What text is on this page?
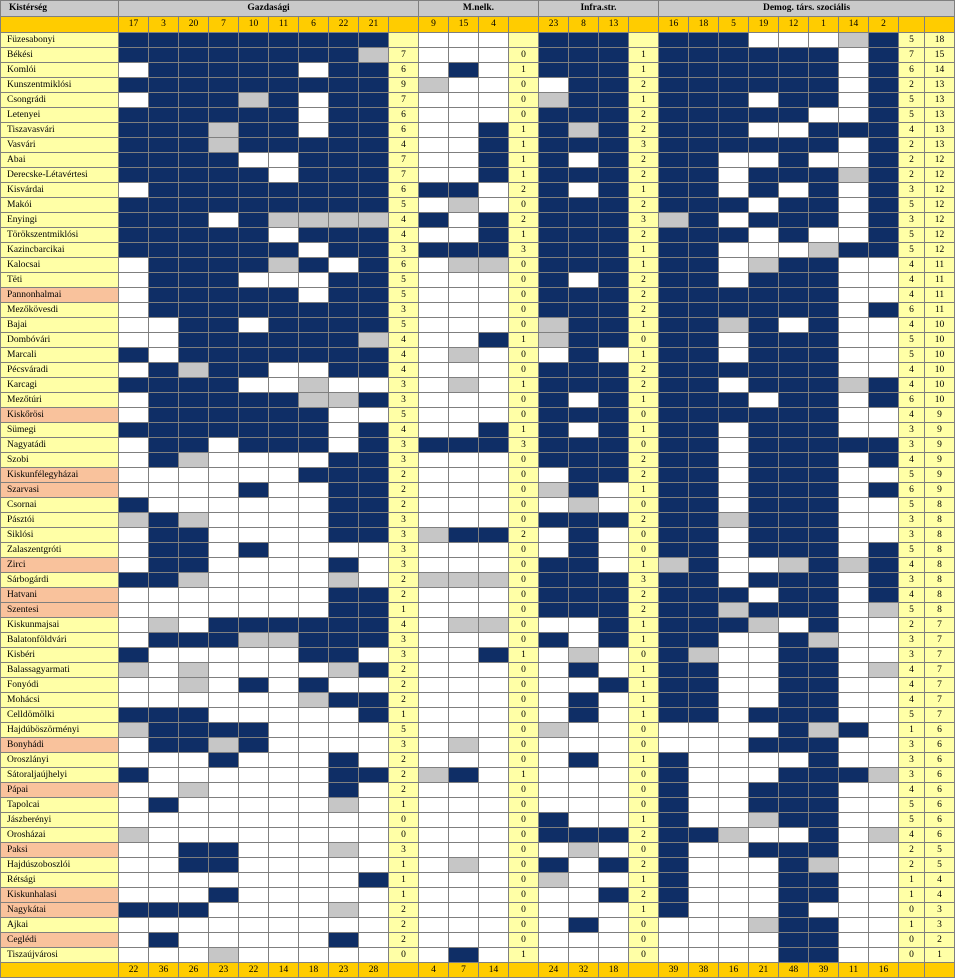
Kistérség	Gazdasági										M.nelk.				Infra.str.				Demog. társ. szociális									
	17	3	20	7	10	11	6	22	21		9	15	4		23	8	13		16	18	5	19	12	1	14	2		
Füzesabonyi																											5	18
Békési										7				0				1									7	15
Komlói										6				1				1									6	14
Kunszentmiklósi										9				0				2									2	13
Csongrádi										7				0				1									5	13
Letenyei										6				0				2									5	13
Tiszavasvári										6				1				2									4	13
Vasvári										4				1				3									2	13
Abai										7				1				2									2	12
Derecske-Létavértesi										7				1				2									2	12
Kisvárdai										6				2				1									3	12
Makói										5				0				2									5	12
Enyingi										4				2				3									3	12
Törökszentmiklósi										4				1				2									5	12
Kazincbarcikai										3				3				1									5	12
Kalocsai										6				0				1									4	11
Tëti										5				0				2									4	11
Pannonhalmai										5				0				2									4	11
Mezőkövesdi										3				0				2									6	11
Bajai										5				0				1									4	10
Dombóvári										4				1				0									5	10
Marcali										4				0				1									5	10
Pécsváradi										4				0				2									4	10
Karcagi										3				1				2									4	10
Mezőtúri										3				0				1									6	10
Kiskőrösi										5				0				0									4	9
Sümegi										4				1				1									3	9
Nagyatádi										3				3				0									3	9
Szobi										3				0				2									4	9
Kiskunfélegyházai										2				0				2									5	9
Szarvasi										2				0				1									6	9
Csornai										2				0				0									5	8
Pásztói										3				0				2									3	8
Siklósi										3				2				0									3	8
Zalaszentgróti										3				0				0									5	8
Zirci										3				0				1									4	8
Sárbogárdi										2				0				3									3	8
Hatvani										2				0				2									4	8
Szentesi										1				0				2									5	8
Kiskunmajsai										4				0				1									2	7
Balatonföldvári										3				0				1									3	7
Kisbéri										3				1				0									3	7
Balassagyarmati										2				0				1									4	7
Fonyódi										2				0				1									4	7
Mohácsi										2				0				1									4	7
Celldömölki										1				0				1									5	7
Hajdúböszörményi										5				0				0									1	6
Bonyhádi										3				0				0									3	6
Oroszlányi										2				0				1									3	6
Sátoraljaújhelyi										2				1				0									3	6
Pápai										2				0				0									4	6
Tapolcai										1				0				0									5	6
Jászberényi										0				0				1									5	6
Orosházai										0				0				2									4	6
Paksi										3				0				0									2	5
Hajdúszoboszlói										1				0				2									2	5
Rétsági										1				0				1									1	4
Kiskunhalasi										1				0				2									1	4
Nagykátai										2				0				1									0	3
Ajkai										2				0				0									1	3
Ceglédi										2				0				0									0	2
Tiszaújvárosi										0				1				0									0	1
	22	36	26	23	22	14	18	23	28		4	7	14		24	32	18		39	38	16	21	48	39	11	16		
